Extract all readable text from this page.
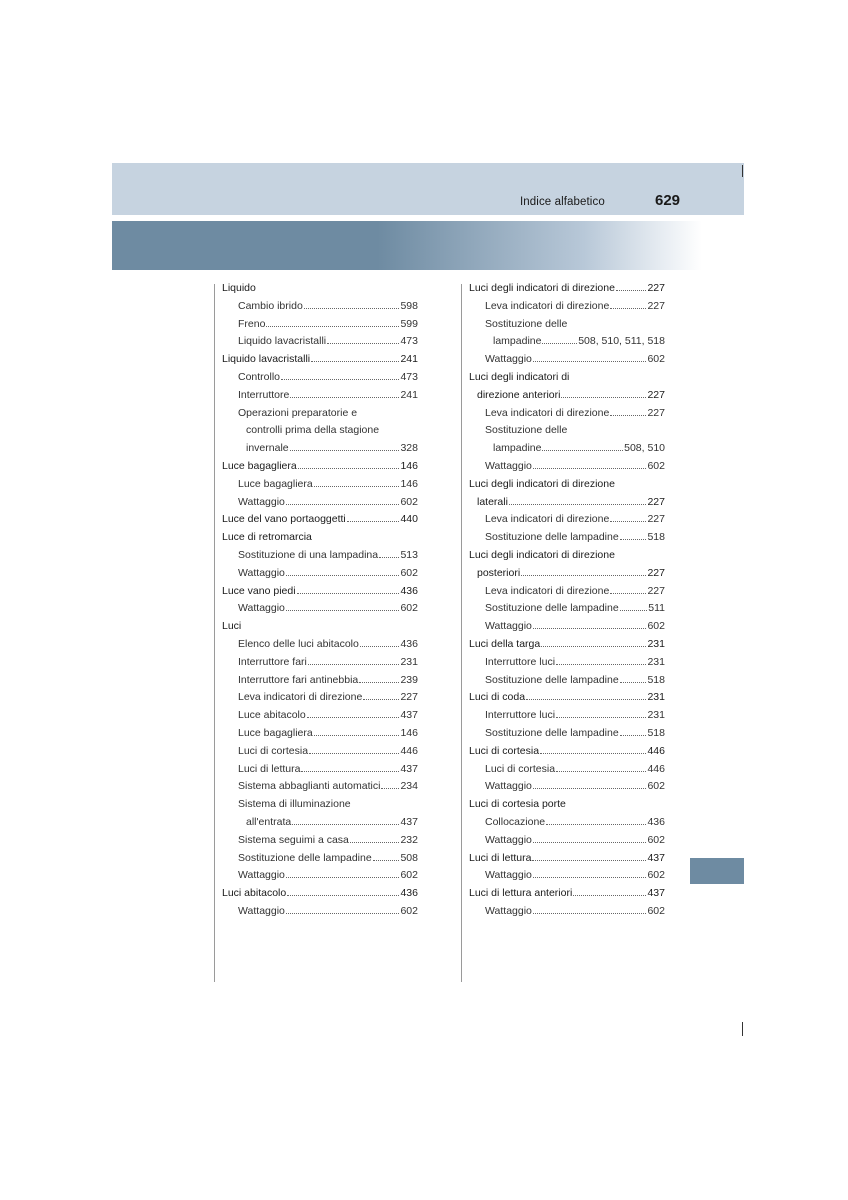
Indice alfabetico	629
Liquido
Cambio ibrido	598
Freno	599
Liquido lavacristalli	473
Liquido lavacristalli	241
Controllo	473
Interruttore	241
Operazioni preparatorie e
controlli prima della stagione
invernale	328
Luce bagagliera	146
Luce bagagliera	146
Wattaggio	602
Luce del vano portaoggetti	440
Luce di retromarcia
Sostituzione di una lampadina 513
Wattaggio	602
Luce vano piedi	436
Wattaggio	602
Luci
Elenco delle luci abitacolo	436
Interruttore fari	231
Interruttore fari antinebbia	239
Leva indicatori di direzione	227
Luce abitacolo	437
Luce bagagliera	146
Luci di cortesia	446
Luci di lettura	437
Sistema abbaglianti automatici 234
Sistema di illuminazione
all'entrata	437
Sistema seguimi a casa	232
Sostituzione delle lampadine	508
Wattaggio	602
Luci abitacolo	436
Wattaggio	602
Luci degli indicatori di direzione	227
Leva indicatori di direzione	227
Sostituzione delle
lampadine	508, 510, 511, 518
Wattaggio	602
Luci degli indicatori di
direzione anteriori	227
Leva indicatori di direzione	227
Sostituzione delle
lampadine	508, 510
Wattaggio	602
Luci degli indicatori di direzione
laterali	227
Leva indicatori di direzione	227
Sostituzione delle lampadine	518
Luci degli indicatori di direzione
posteriori	227
Leva indicatori di direzione	227
Sostituzione delle lampadine	511
Wattaggio	602
Luci della targa	231
Interruttore luci	231
Sostituzione delle lampadine	518
Luci di coda	231
Interruttore luci	231
Sostituzione delle lampadine	518
Luci di cortesia	446
Luci di cortesia	446
Wattaggio	602
Luci di cortesia porte
Collocazione	436
Wattaggio	602
Luci di lettura	437
Wattaggio	602
Luci di lettura anteriori	437
Wattaggio	602
